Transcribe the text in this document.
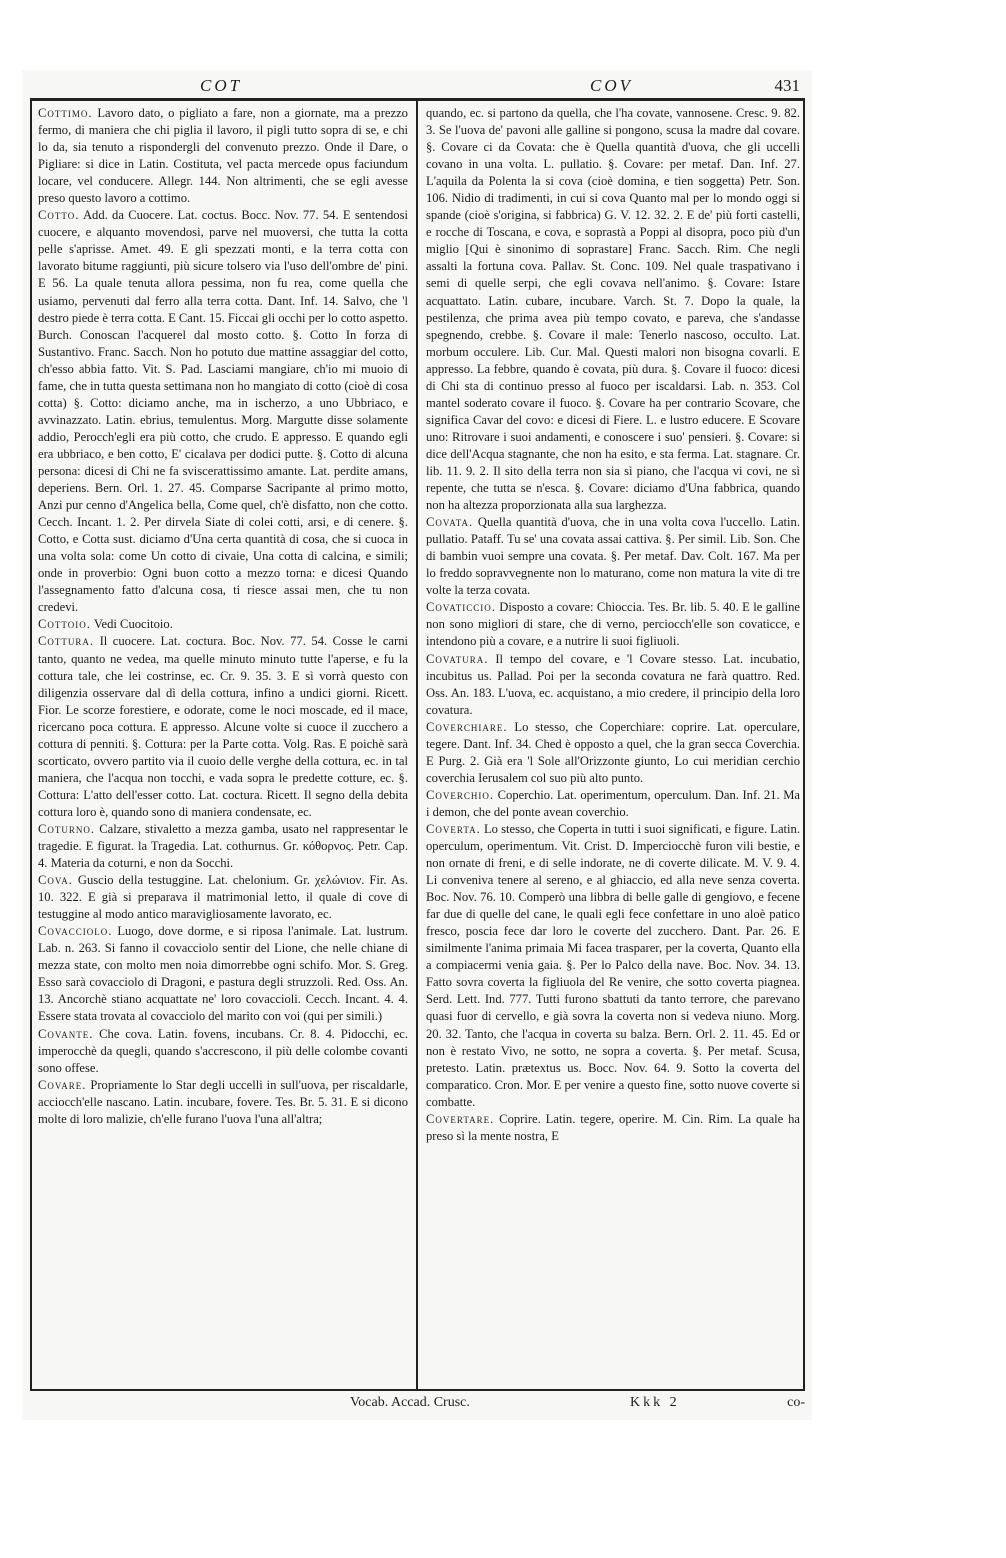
COT	COV	431

Cottimo. Lavoro dato, o pigliato a fare, non a giornate, ma a prezzo fermo, di maniera che chi piglia il lavoro, il pigli tutto sopra di se, e chi lo da, sia tenuto a rispondergli del convenuto prezzo. Onde il Dare, o Pigliare: si dice in Latin. Costituta, vel pacta mercede opus faciundum locare, vel conducere. Allegr. 144. Non altrimenti, che se egli avesse preso questo lavoro a cottimo.

Cotto. Add. da Cuocere. Lat. coctus. Bocc. Nov. 77. 54. E sentendosi cuocere, e alquanto movendosi, parve nel muoversi, che tutta la cotta pelle s'aprisse. Amet. 49. E gli spezzati monti, e la terra cotta con lavorato bitume raggiunti, più sicure tolsero via l'uso dell'ombre de' pini. E 56. La quale tenuta allora pessima, non fu rea, come quella che usiamo, pervenuti dal ferro alla terra cotta. Dant. Inf. 14. Salvo, che 'l destro piede è terra cotta. E Cant. 15. Ficcai gli occhi per lo cotto aspetto. Burch. Conoscan l'acquerel dal mosto cotto. §. Cotto In forza di Sustantivo. Franc. Sacch. Non ho potuto due mattine assaggiar del cotto, ch'esso abbia fatto. Vit. S. Pad. Lasciami mangiare, ch'io mi muoio di fame, che in tutta questa settimana non ho mangiato di cotto (cioè di cosa cotta) §. Cotto: diciamo anche, ma in ischerzo, a uno Ubbriaco, e avvinazzato. Latin. ebrius, temulentus. Morg. Margutte disse solamente addio, Perocch'egli era più cotto, che crudo. E appresso. E quando egli era ubbriaco, e ben cotto, E' cicalava per dodici putte. §. Cotto di alcuna persona: dicesi di Chi ne fa sviscerattissimo amante. Lat. perdite amans, deperiens. Bern. Orl. 1. 27. 45. Comparse Sacripante al primo motto, Anzi pur cenno d'Angelica bella, Come quel, ch'è disfatto, non che cotto. Cecch. Incant. 1. 2. Per dirvela Siate di colei cotti, arsi, e di cenere. §. Cotto, e Cotta sust. diciamo d'Una certa quantità di cosa, che si cuoca in una volta sola: come Un cotto di civaie, Una cotta di calcina, e simili; onde in proverbio: Ogni buon cotto a mezzo torna: e dicesi Quando l'assegnamento fatto d'alcuna cosa, ti riesce assai men, che tu non credevi.

Cottoio. Vedi Cuocitoio.

Cottura. Il cuocere. Lat. coctura. Boc. Nov. 77. 54. Cosse le carni tanto, quanto ne vedea, ma quelle minuto minuto tutte l'aperse, e fu la cottura tale, che lei costrinse, ec. Cr. 9. 35. 3. E sì vorrà questo con diligenzia osservare dal dì della cottura, infino a undici giorni. Ricett. Fior. Le scorze forestiere, e odorate, come le noci moscade, ed il mace, ricercano poca cottura. E appresso. Alcune volte si cuoce il zucchero a cottura di penniti. §. Cottura: per la Parte cotta. Volg. Ras. E poichè sarà scorticato, ovvero partito via il cuoio delle verghe della cottura, ec. in tal maniera, che l'acqua non tocchi, e vada sopra le predette cotture, ec. §. Cottura: L'atto dell'esser cotto. Lat. coctura. Ricett. Il segno della debita cottura loro è, quando sono di maniera condensate, ec.

Coturno. Calzare, stivaletto a mezza gamba, usato nel rappresentar le tragedie. E figurat. la Tragedia. Lat. cothurnus. Gr. κόθορνος. Petr. Cap. 4. Materia da coturni, e non da Socchi.

Cova. Guscio della testuggine. Lat. chelonium. Gr. χελώνιον. Fir. As. 10. 322. E già si preparava il matrimonial letto, il quale di cove di testuggine al modo antico maravigliosamente lavorato, ec.

Covacciolo. Luogo, dove dorme, e si riposa l'animale. Lat. lustrum. Lab. n. 263. Si fanno il covacciolo sentir del Lione, che nelle chiane di mezza state, con molto men noia dimorrebbe ogni schifo. Mor. S. Greg. Esso sarà covacciolo di Dragoni, e pastura degli struzzoli. Red. Oss. An. 13. Ancorchè stiano acquattate ne' loro covaccioli. Cecch. Incant. 4. 4. Essere stata trovata al covacciolo del marito con voi (qui per simili.)

Covante. Che cova. Latin. fovens, incubans. Cr. 8. 4. Pidocchi, ec. imperocchè da quegli, quando s'accrescono, il più delle colombe covanti sono offese.

Covare. Propriamente lo Star degli uccelli in sull'uova, per riscaldarle, acciocch'elle nascano. Latin. incubare, fovere. Tes. Br. 5. 31. E si dicono molte di loro malizie, ch'elle furano l'uova l'una all'altra;

quando, ec. si partono da quella, che l'ha covate, vannosene. Cresc. 9. 82. 3. Se l'uova de' pavoni alle galline si pongono, scusa la madre dal covare. §. Covare ci da Covata: che è Quella quantità d'uova, che gli uccelli covano in una volta. L. pullatio. §. Covare: per metaf. Dan. Inf. 27. L'aquila da Polenta la si cova (cioè domina, e tien soggetta) Petr. Son. 106. Nidio di tradimenti, in cui si cova Quanto mal per lo mondo oggi si spande (cioè s'origina, si fabbrica) G. V. 12. 32. 2. E de' più forti castelli, e rocche di Toscana, e cova, e soprastà a Poppi al disopra, poco più d'un miglio [Qui è sinonimo di soprastare] Franc. Sacch. Rim. Che negli assalti la fortuna cova. Pallav. St. Conc. 109. Nel quale traspativano i semi di quelle serpi, che egli covava nell'animo. §. Covare: Istare acquattato. Latin. cubare, incubare. Varch. St. 7. Dopo la quale, la pestilenza, che prima avea più tempo covato, e pareva, che s'andasse spegnendo, crebbe. §. Covare il male: Tenerlo nascoso, occulto. Lat. morbum occulere. Lib. Cur. Mal. Questi malori non bisogna covarli. E appresso. La febbre, quando è covata, più dura. §. Covare il fuoco: dicesi di Chi sta di continuo presso al fuoco per iscaldarsi. Lab. n. 353. Col mantel soderato covare il fuoco. §. Covare ha per contrario Scovare, che significa Cavar del covo: e dicesi di Fiere. L. e lustro educere. E Scovare uno: Ritrovare i suoi andamenti, e conoscere i suo' pensieri. §. Covare: si dice dell'Acqua stagnante, che non ha esito, e sta ferma. Lat. stagnare. Cr. lib. 11. 9. 2. Il sito della terra non sia sì piano, che l'acqua vi covi, ne sì repente, che tutta se n'esca. §. Covare: diciamo d'Una fabbrica, quando non ha altezza proporzionata alla sua larghezza.

Covata. Quella quantità d'uova, che in una volta cova l'uccello. Latin. pullatio. Pataff. Tu se' una covata assai cattiva. §. Per simil. Lib. Son. Che di bambin vuoi sempre una covata. §. Per metaf. Dav. Colt. 167. Ma per lo freddo sopravvegnente non lo maturano, come non matura la vite di tre volte la terza covata.

Covaticcio. Disposto a covare: Chioccia. Tes. Br. lib. 5. 40. E le galline non sono migliori di stare, che di verno, perciocch'elle son covaticce, e intendono più a covare, e a nutrire li suoi figliuoli.

Covatura. Il tempo del covare, e 'l Covare stesso. Lat. incubatio, incubitus us. Pallad. Poi per la seconda covatura ne farà quattro. Red. Oss. An. 183. L'uova, ec. acquistano, a mio credere, il principio della loro covatura.

Coverchiare. Lo stesso, che Coperchiare: coprire. Lat. operculare, tegere. Dant. Inf. 34. Ched è opposto a quel, che la gran secca Coverchia. E Purg. 2. Già era 'l Sole all'Orizzonte giunto, Lo cui meridian cerchio coverchia Ierusalem col suo più alto punto.

Coverchio. Coperchio. Lat. operimentum, operculum. Dan. Inf. 21. Ma i demon, che del ponte avean coverchio.

Coverta. Lo stesso, che Coperta in tutti i suoi significati, e figure. Latin. operculum, operimentum. Vit. Crist. D. Imperciocchè furon vili bestie, e non ornate di freni, e di selle indorate, ne di coverte dilicate. M. V. 9. 4. Li conveniva tenere al sereno, e al ghiaccio, ed alla neve senza coverta. Boc. Nov. 76. 10. Comperò una libbra di belle galle di gengiovo, e fecene far due di quelle del cane, le quali egli fece confettare in uno aloè patico fresco, poscia fece dar loro le coverte del zucchero. Dant. Par. 26. E similmente l'anima primaia Mi facea trasparer, per la coverta, Quanto ella a compiacermi venia gaia. §. Per lo Palco della nave. Boc. Nov. 34. 13. Fatto sovra coverta la figliuola del Re venire, che sotto coverta piagnea. Serd. Lett. Ind. 777. Tutti furono sbattuti da tanto terrore, che parevano quasi fuor di cervello, e già sovra la coverta non si vedeva niuno. Morg. 20. 32. Tanto, che l'acqua in coverta su balza. Bern. Orl. 2. 11. 45. Ed or non è restato Vivo, ne sotto, ne sopra a coverta. §. Per metaf. Scusa, pretesto. Latin. prætextus us. Bocc. Nov. 64. 9. Sotto la coverta del comparatico. Cron. Mor. E per venire a questo fine, sotto nuove coverte si combatte.

Covertare. Coprire. Latin. tegere, operire. M. Cin. Rim. La quale ha preso sì la mente nostra, E

Vocab. Accad. Crusc.	Kkk 2	co-
